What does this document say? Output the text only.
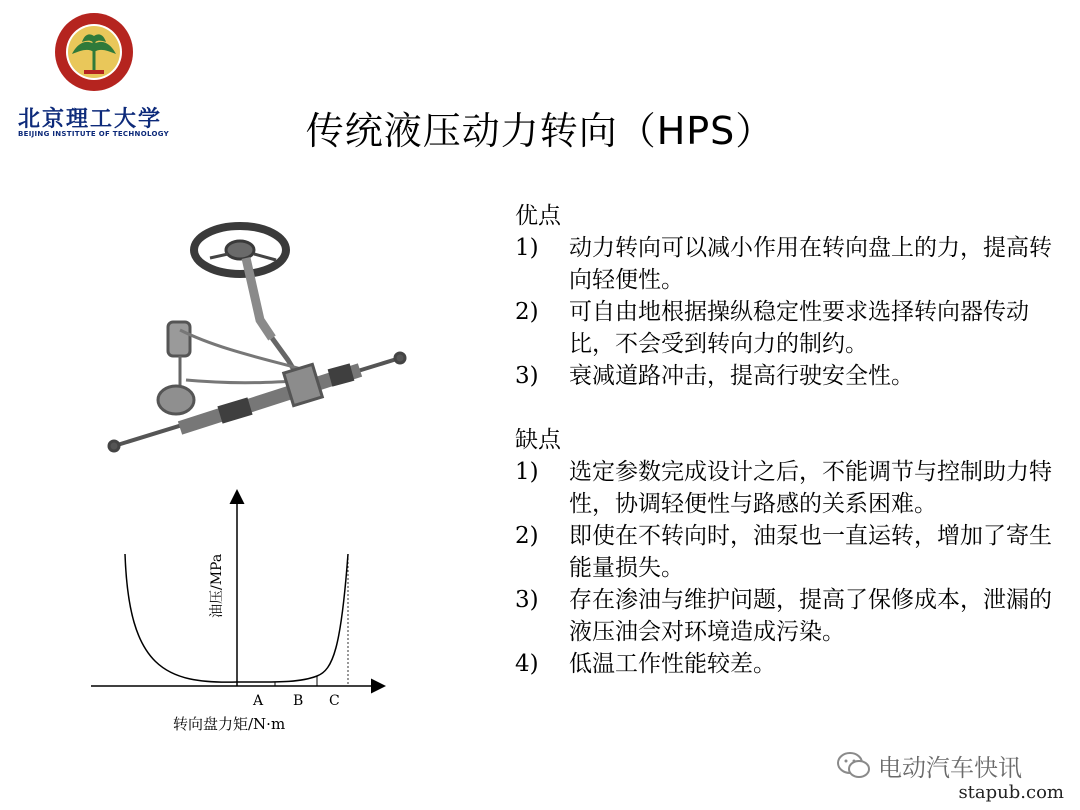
北京理工大学
BEIJING INSTITUTE OF TECHNOLOGY	传统液压动力转向（HPS）
A B C
油压/MPa
转向盘力矩/N·m
优点
1)	动力转向可以减小作用在转向盘上的力，提高转向轻便性。
2)	可自由地根据操纵稳定性要求选择转向器传动比，不会受到转向力的制约。
3)	衰减道路冲击，提高行驶安全性。
缺点
1)	选定参数完成设计之后，不能调节与控制助力特性，协调轻便性与路感的关系困难。
2)	即使在不转向时，油泵也一直运转，增加了寄生能量损失。
3)	存在渗油与维护问题，提高了保修成本，泄漏的液压油会对环境造成污染。
4)	低温工作性能较差。
电动汽车快讯
stapub.com
